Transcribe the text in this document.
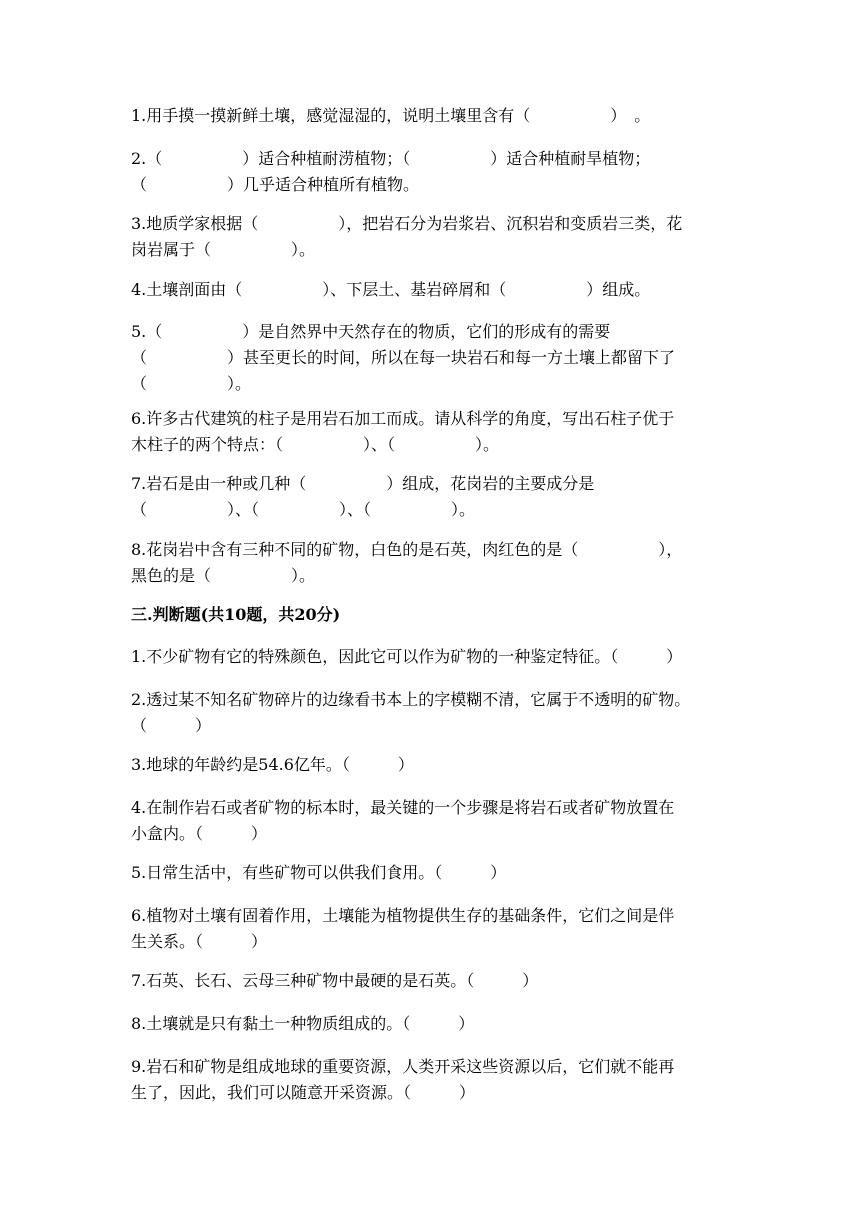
1.用手摸一摸新鲜土壤，感觉湿湿的，说明土壤里含有（　　　　　）　。
2.（　　　　　）适合种植耐涝植物；（　　　　　）适合种植耐旱植物；
（　　　　　）几乎适合种植所有植物。
3.地质学家根据（　　　　　），把岩石分为岩浆岩、沉积岩和变质岩三类，花
岗岩属于（　　　　　）。
4.土壤剖面由（　　　　　）、下层土、基岩碎屑和（　　　　　）组成。
5.（　　　　　）是自然界中天然存在的物质，它们的形成有的需要
（　　　　　）甚至更长的时间，所以在每一块岩石和每一方土壤上都留下了
（　　　　　）。
6.许多古代建筑的柱子是用岩石加工而成。请从科学的角度，写出石柱子优于
木柱子的两个特点：（　　　　　）、（　　　　　）。
7.岩石是由一种或几种（　　　　　）组成，花岗岩的主要成分是
（　　　　　）、（　　　　　）、（　　　　　）。
8.花岗岩中含有三种不同的矿物，白色的是石英，肉红色的是（　　　　　），
黑色的是（　　　　　）。
三.判断题(共10题，共20分)
1.不少矿物有它的特殊颜色，因此它可以作为矿物的一种鉴定特征。（　　　）
2.透过某不知名矿物碎片的边缘看书本上的字模糊不清，它属于不透明的矿物。
（　　　）
3.地球的年龄约是54.6亿年。（　　　）
4.在制作岩石或者矿物的标本时，最关键的一个步骤是将岩石或者矿物放置在
小盒内。（　　　）
5.日常生活中，有些矿物可以供我们食用。（　　　）
6.植物对土壤有固着作用，土壤能为植物提供生存的基础条件，它们之间是伴
生关系。（　　　）
7.石英、长石、云母三种矿物中最硬的是石英。（　　　）
8.土壤就是只有黏土一种物质组成的。（　　　）
9.岩石和矿物是组成地球的重要资源，人类开采这些资源以后，它们就不能再
生了，因此，我们可以随意开采资源。（　　　）
